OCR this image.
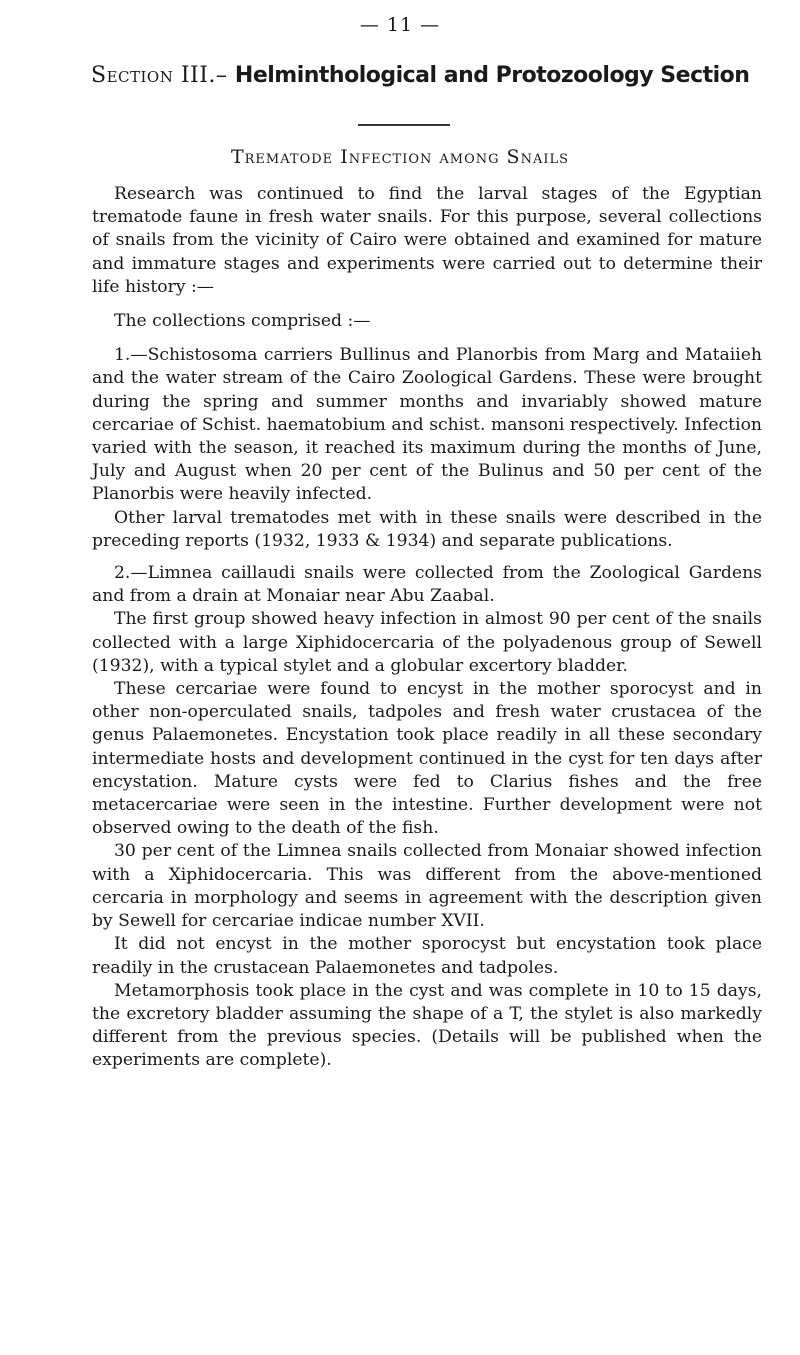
— 11 —
Section III.– Helminthological and Protozoology Section
Trematode Infection among Snails

Research was continued to find the larval stages of the Egyptian trematode faune in fresh water snails. For this purpose, several collections of snails from the vicinity of Cairo were obtained and examined for mature and immature stages and experiments were carried out to determine their life history :—

The collections comprised :—

1.—Schistosoma carriers Bullinus and Planorbis from Marg and Mataiieh and the water stream of the Cairo Zoological Gardens. These were brought during the spring and summer months and invariably showed mature cercariae of Schist. haematobium and schist. mansoni respectively. Infection varied with the season, it reached its maximum during the months of June, July and August when 20 per cent of the Bulinus and 50 per cent of the Planorbis were heavily infected.

Other larval trematodes met with in these snails were described in the preceding reports (1932, 1933 & 1934) and separate publications.

2.—Limnea caillaudi snails were collected from the Zoological Gardens and from a drain at Monaiar near Abu Zaabal.

The first group showed heavy infection in almost 90 per cent of the snails collected with a large Xiphidocercaria of the polyadenous group of Sewell (1932), with a typical stylet and a globular excertory bladder.

These cercariae were found to encyst in the mother sporocyst and in other non-operculated snails, tadpoles and fresh water crustacea of the genus Palaemonetes. Encystation took place readily in all these secondary intermediate hosts and development continued in the cyst for ten days after encystation. Mature cysts were fed to Clarius fishes and the free metacercariae were seen in the intestine. Further development were not observed owing to the death of the fish.

30 per cent of the Limnea snails collected from Monaiar showed infection with a Xiphidocercaria. This was different from the above-mentioned cercaria in morphology and seems in agreement with the description given by Sewell for cercariae indicae number XVII.

It did not encyst in the mother sporocyst but encystation took place readily in the crustacean Palaemonetes and tadpoles.

Metamorphosis took place in the cyst and was complete in 10 to 15 days, the excretory bladder assuming the shape of a T, the stylet is also markedly different from the previous species. (Details will be published when the experiments are complete).
